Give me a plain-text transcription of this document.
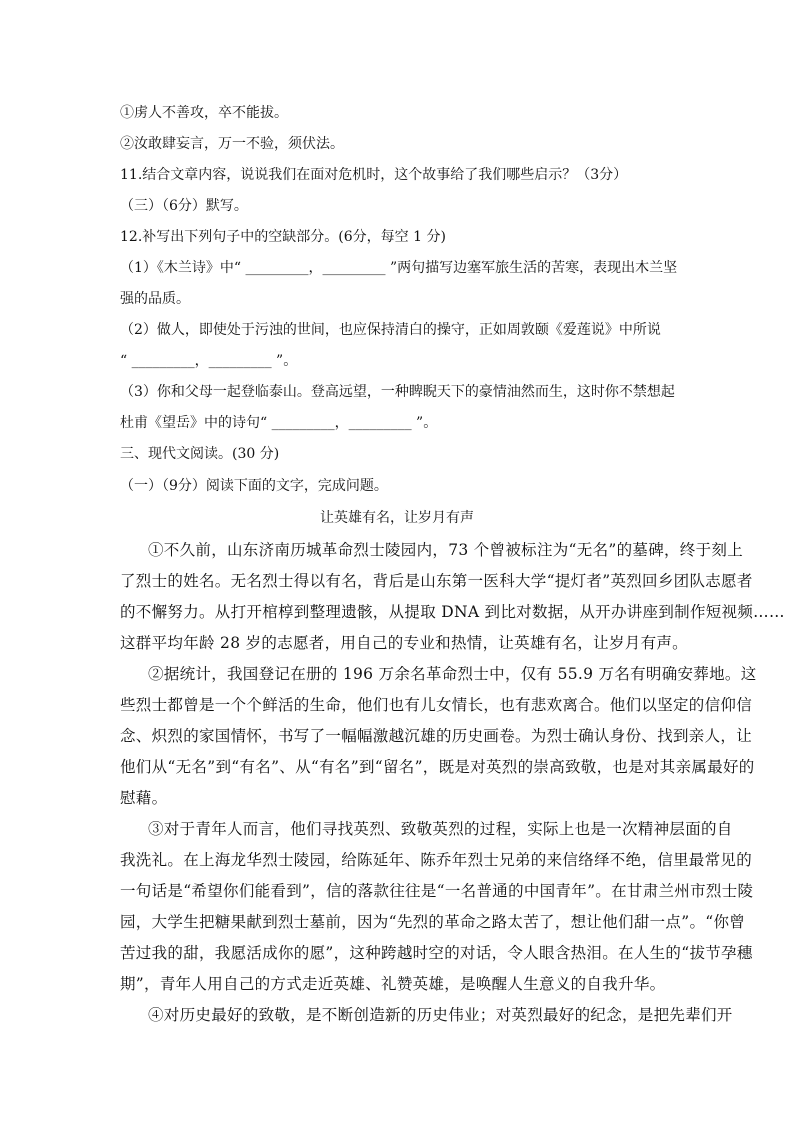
①虏人不善攻，卒不能拔。
②汝敢肆妄言，万一不验，须伏法。
11.结合文章内容，说说我们在面对危机时，这个故事给了我们哪些启示？（3分）
（三）（6分）默写。
12.补写出下列句子中的空缺部分。(6分，每空 1 分)
（1）《木兰诗》中“ _________，_________ ”两句描写边塞军旅生活的苦寒，表现出木兰坚
强的品质。
（2）做人，即使处于污浊的世间，也应保持清白的操守，正如周敦颐《爱莲说》中所说
“ _________，_________ ”。
（3）你和父母一起登临泰山。登高远望，一种睥睨天下的豪情油然而生，这时你不禁想起
杜甫《望岳》中的诗句“ _________，_________ ”。
三、现代文阅读。(30 分)
（一）（9分）阅读下面的文字，完成问题。
让英雄有名，让岁月有声
①不久前，山东济南历城革命烈士陵园内，73 个曾被标注为“无名”的墓碑，终于刻上
了烈士的姓名。无名烈士得以有名，背后是山东第一医科大学“提灯者”英烈回乡团队志愿者
的不懈努力。从打开棺椁到整理遗骸，从提取 DNA 到比对数据，从开办讲座到制作短视频……
这群平均年龄 28 岁的志愿者，用自己的专业和热情，让英雄有名，让岁月有声。
②据统计，我国登记在册的 196 万余名革命烈士中，仅有 55.9 万名有明确安葬地。这
些烈士都曾是一个个鲜活的生命，他们也有儿女情长，也有悲欢离合。他们以坚定的信仰信
念、炽烈的家国情怀，书写了一幅幅激越沉雄的历史画卷。为烈士确认身份、找到亲人，让
他们从“无名”到“有名”、从“有名”到“留名”，既是对英烈的崇高致敬，也是对其亲属最好的
慰藉。
③对于青年人而言，他们寻找英烈、致敬英烈的过程，实际上也是一次精神层面的自
我洗礼。在上海龙华烈士陵园，给陈延年、陈乔年烈士兄弟的来信络绎不绝，信里最常见的
一句话是“希望你们能看到”，信的落款往往是“一名普通的中国青年”。在甘肃兰州市烈士陵
园，大学生把糖果献到烈士墓前，因为“先烈的革命之路太苦了，想让他们甜一点”。“你曾
苦过我的甜，我愿活成你的愿”，这种跨越时空的对话，令人眼含热泪。在人生的“拔节孕穗
期”，青年人用自己的方式走近英雄、礼赞英雄，是唤醒人生意义的自我升华。
④对历史最好的致敬，是不断创造新的历史伟业；对英烈最好的纪念，是把先辈们开
